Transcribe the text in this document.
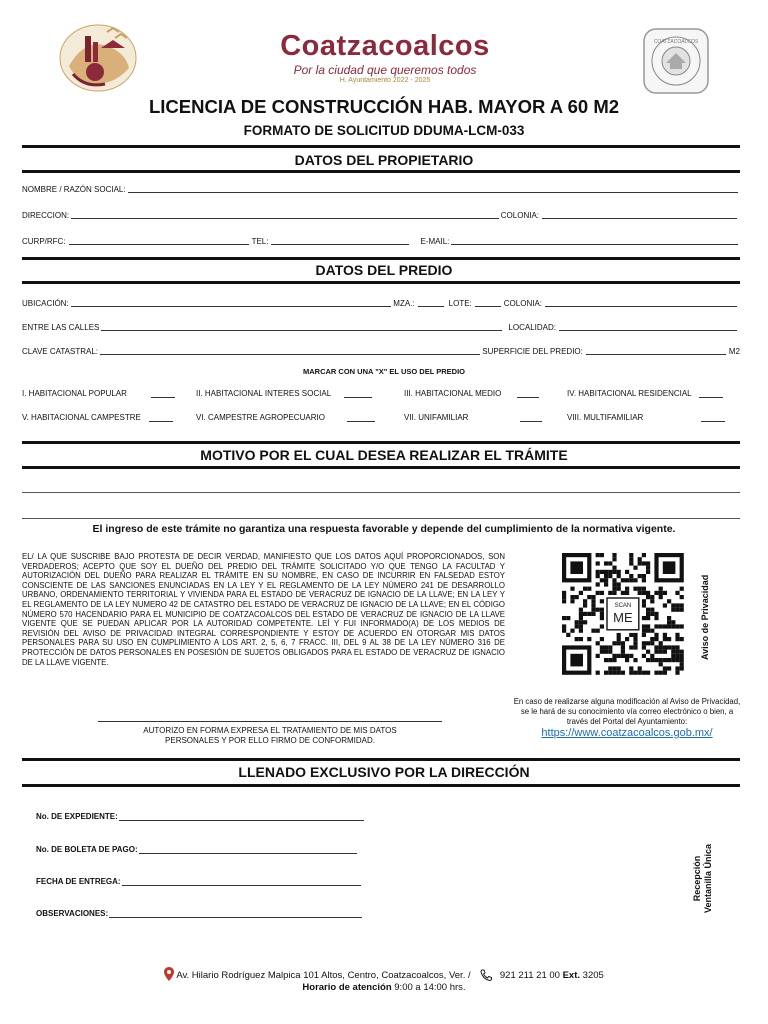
Coatzacoalcos
Por la ciudad que queremos todos
H. Ayuntamiento 2022 - 2025
COATZACOALCOS
LICENCIA DE CONSTRUCCIÓN HAB. MAYOR A 60 M2
FORMATO DE SOLICITUD DDUMA-LCM-033
DATOS DEL PROPIETARIO
NOMBRE / RAZÓN SOCIAL:
DIRECCION:	COLONIA:
CURP/RFC:	TEL:	E-MAIL:
DATOS DEL PREDIO
UBICACIÓN:	MZA.:	LOTE:	COLONIA:
ENTRE LAS CALLES	LOCALIDAD:
CLAVE CATASTRAL:	SUPERFICIE DEL PREDIO:	M2
MARCAR CON UNA "X" EL USO DEL PREDIO
I. HABITACIONAL POPULAR	II. HABITACIONAL INTERES SOCIAL	III. HABITACIONAL MEDIO	IV. HABITACIONAL RESIDENCIAL
V. HABITACIONAL CAMPESTRE	VI. CAMPESTRE AGROPECUARIO	VII. UNIFAMILIAR	VIII. MULTIFAMILIAR
MOTIVO POR EL CUAL DESEA REALIZAR EL TRÁMITE
El ingreso de este trámite no garantiza una respuesta favorable y depende del cumplimiento de la normativa vigente.
EL/ LA QUE SUSCRIBE BAJO PROTESTA DE DECIR VERDAD, MANIFIESTO QUE LOS DATOS AQUÍ PROPORCIONADOS, SON VERDADEROS; ACEPTO QUE SOY EL DUEÑO DEL PREDIO DEL TRÁMITE SOLICITADO Y/O QUE TENGO LA FACULTAD Y AUTORIZACIÓN DEL DUEÑO PARA REALIZAR EL TRÁMITE EN SU NOMBRE, EN CASO DE INCURRIR EN FALSEDAD ESTOY CONSCIENTE DE LAS SANCIONES ENUNCIADAS EN LA LEY Y EL REGLAMENTO DE LA LEY NÚMERO 241 DE DESARROLLO URBANO, ORDENAMIENTO TERRITORIAL Y VIVIENDA PARA EL ESTADO DE VERACRUZ DE IGNACIO DE LA LLAVE; EN LA LEY Y EL REGLAMENTO DE LA LEY NUMERO 42 DE CATASTRO DEL ESTADO DE VERACRUZ DE IGNACIO DE LA LLAVE; EN EL CÓDIGO NÚMERO 570 HACENDARIO PARA EL MUNICIPIO DE COATZACOALCOS DEL ESTADO DE VERACRUZ DE IGNACIO DE LA LLAVE VIGENTE QUE SE PUEDAN APLICAR POR LA AUTORIDAD COMPETENTE. LEÍ Y FUI INFORMADO(A) DE LOS MEDIOS DE REVISIÓN DEL AVISO DE PRIVACIDAD INTEGRAL CORRESPONDIENTE Y ESTOY DE ACUERDO EN OTORGAR MIS DATOS PERSONALES PARA SU USO EN CUMPLIMIENTO A LOS ART. 2, 5, 6, 7 FRACC. III, DEL 9 AL 38 DE LA LEY NÚMERO 316 DE PROTECCIÓN DE DATOS PERSONALES EN POSESIÓN DE SUJETOS OBLIGADOS PARA EL ESTADO DE VERACRUZ DE IGNACIO DE LA LLAVE VIGENTE.
SCAN
ME	Aviso de Privacidad
En caso de realizarse alguna modificación al Aviso de Privacidad, se le hará de su conocimiento vía correo electrónico o bien, a través del Portal del Ayuntamiento:
https://www.coatzacoalcos.gob.mx/
AUTORIZO EN FORMA EXPRESA EL TRATAMIENTO DE MIS DATOS
PERSONALES Y POR ELLO FIRMO DE CONFORMIDAD.
LLENADO EXCLUSIVO POR LA DIRECCIÓN
No. DE EXPEDIENTE:
No. DE BOLETA DE PAGO:
FECHA DE ENTREGA:
OBSERVACIONES:
Recepción Ventanilla Única
Av. Hilario Rodríguez Malpica 101 Altos, Centro, Coatzacoalcos, Ver. /	921 211 21 00 Ext. 3205
Horario de atención 9:00 a 14:00 hrs.
